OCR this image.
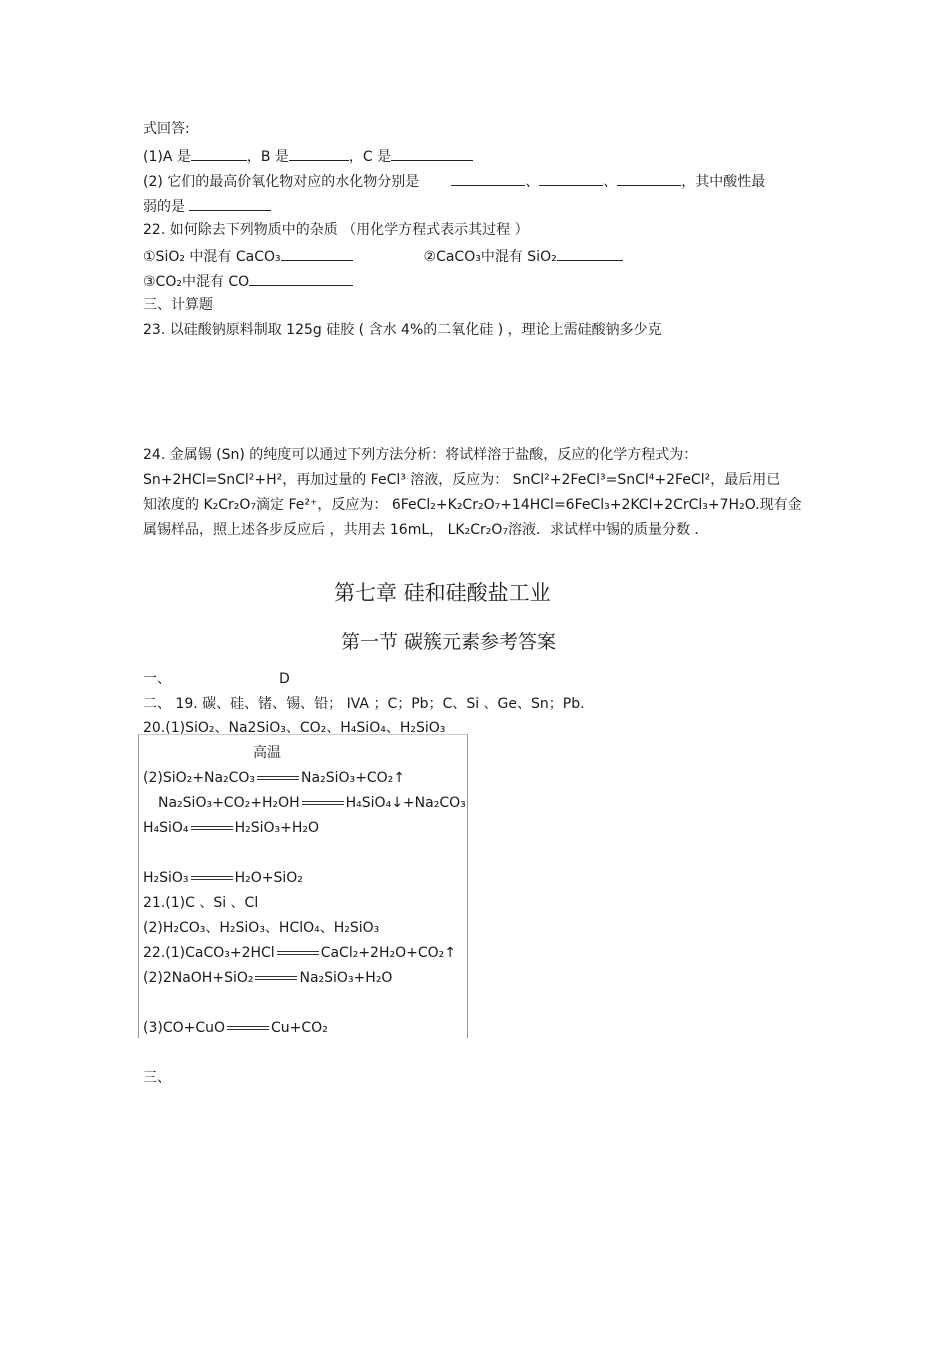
式回答:
(1)A 是	，B 是	，C 是
(2) 它们的最高价氧化物对应的水化物分别是	、	、	，其中酸性最
弱的是
22. 如何除去下列物质中的杂质 （用化学方程式表示其过程 ）
①SiO₂ 中混有 CaCO₃	②CaCO₃中混有 SiO₂
③CO₂中混有 CO
三、计算题
23. 以硅酸钠原料制取 125g 硅胶 ( 含水 4%的二氧化硅 ) ，理论上需硅酸钠多少克
24. 金属锡 (Sn) 的纯度可以通过下列方法分析：将试样溶于盐酸，反应的化学方程式为：
Sn+2HCl=SnCl²+H²，再加过量的 FeCl³ 溶液，反应为： SnCl²+2FeCl³=SnCl⁴+2FeCl²，最后用已
知浓度的 K₂Cr₂O₇滴定 Fe²⁺，反应为： 6FeCl₂+K₂Cr₂O₇+14HCl=6FeCl₃+2KCl+2CrCl₃+7H₂O.现有金
属锡样品，照上述各步反应后 ，共用去 16mL， LK₂Cr₂O₇溶液．求试样中锡的质量分数 ．
第七章 硅和硅酸盐工业
第一节 碳簇元素参考答案
一、	D
二、 19. 碳、硅、锗、锡、铅； IVA ；C；Pb；C、Si 、Ge、Sn；Pb.
20.(1)SiO₂、Na2SiO₃、CO₂、H₄SiO₄、H₂SiO₃
高温
(2)SiO₂+Na₂CO₃	Na₂SiO₃+CO₂↑
Na₂SiO₃+CO₂+H₂OH	H₄SiO₄↓+Na₂CO₃
H₄SiO₄	H₂SiO₃+H₂O
H₂SiO₃	H₂O+SiO₂
21.(1)C 、Si 、Cl
(2)H₂CO₃、H₂SiO₃、HClO₄、H₂SiO₃
22.(1)CaCO₃+2HCl	CaCl₂+2H₂O+CO₂↑
(2)2NaOH+SiO₂	Na₂SiO₃+H₂O
(3)CO+CuO	Cu+CO₂
三、
